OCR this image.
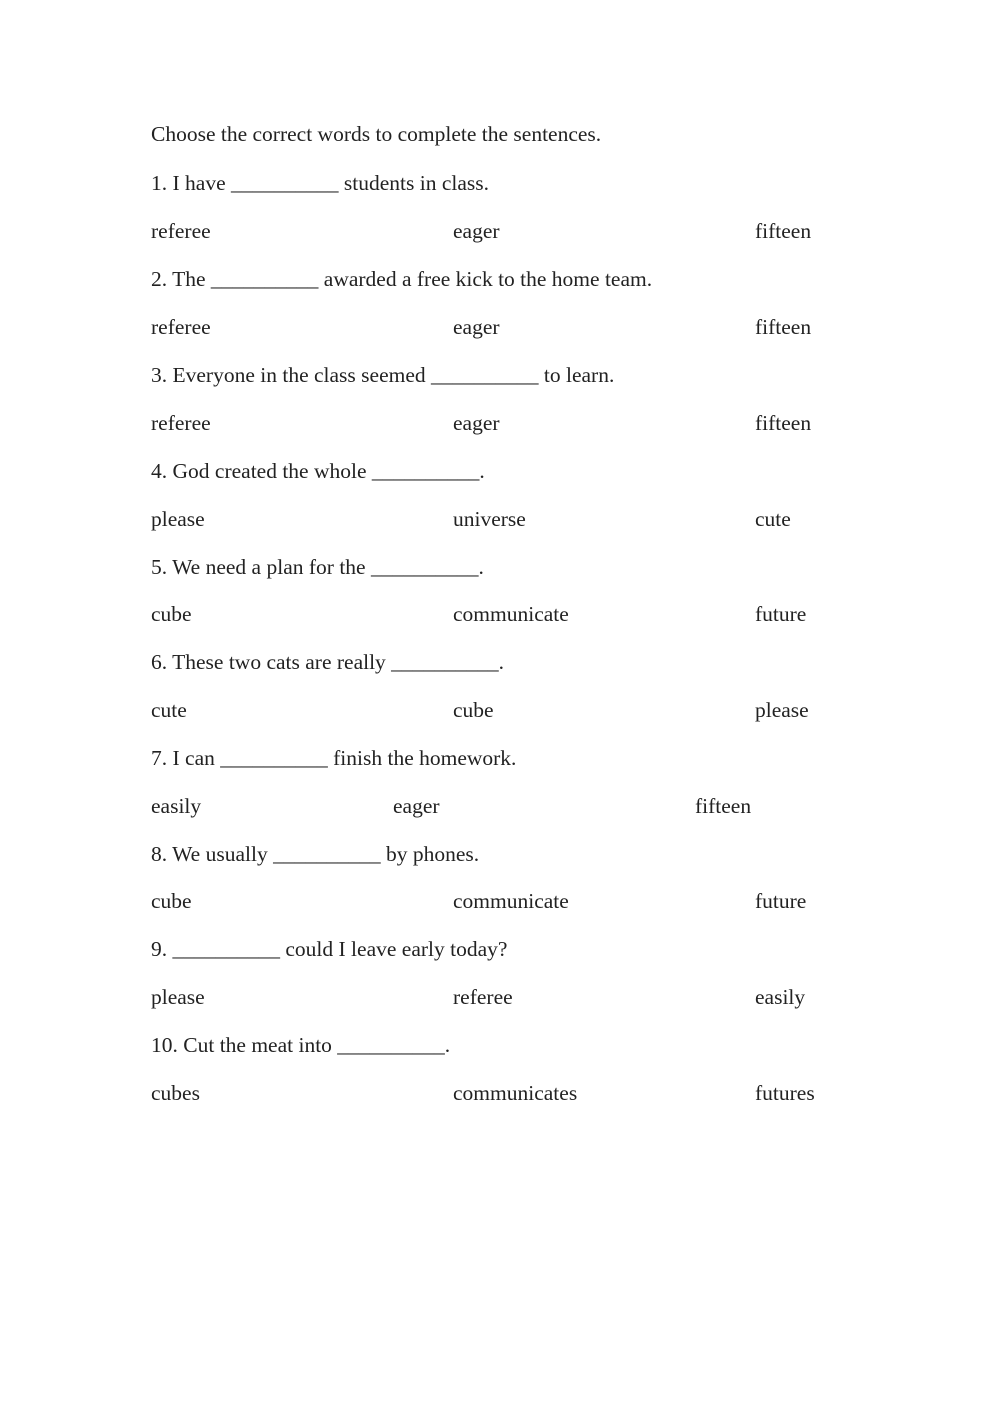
Choose the correct words to complete the sentences.
1. I have __________ students in class.
referee	eager	fifteen
2. The __________ awarded a free kick to the home team.
referee	eager	fifteen
3. Everyone in the class seemed __________ to learn.
referee	eager	fifteen
4. God created the whole __________.
please	universe	cute
5. We need a plan for the __________.
cube	communicate	future
6. These two cats are really __________.
cute	cube	please
7. I can __________ finish the homework.
easily	eager	fifteen
8. We usually __________ by phones.
cube	communicate	future
9. __________ could I leave early today?
please	referee	easily
10. Cut the meat into __________.
cubes	communicates	futures
